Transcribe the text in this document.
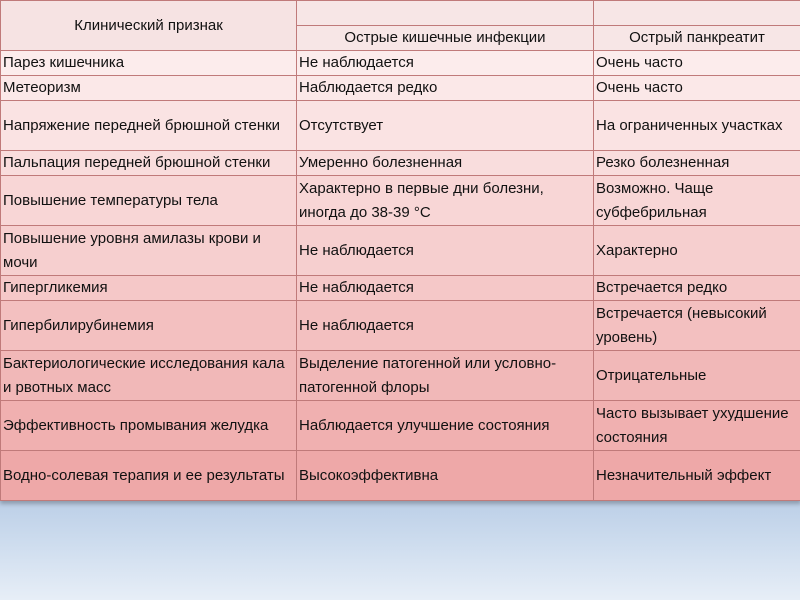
Клинический признак		
	Острые кишечные инфекции	Острый панкреатит
Парез кишечника	Не наблюдается	Очень часто
Метеоризм	Наблюдается редко	Очень часто
Напряжение передней брюшной стенки	Отсутствует	На ограниченных участках
Пальпация передней брюшной стенки	Умеренно болезненная	Резко болезненная
Повышение температуры тела	Характерно в первые дни болезни, иногда до 38-39 °С	Возможно. Чаще субфебрильная
Повышение уровня амилазы крови и мочи	Не наблюдается	Характерно
Гипергликемия	Не наблюдается	Встречается редко
Гипербилирубинемия	Не наблюдается	Встречается (невысокий уровень)
Бактериологические исследования кала и рвотных масс	Выделение патогенной или условно-патогенной флоры	Отрицательные
Эффективность промывания желудка	Наблюдается улучшение состояния	Часто вызывает ухудшение состояния
Водно-солевая терапия и ее результаты	Высокоэффективна	Незначительный эффект
